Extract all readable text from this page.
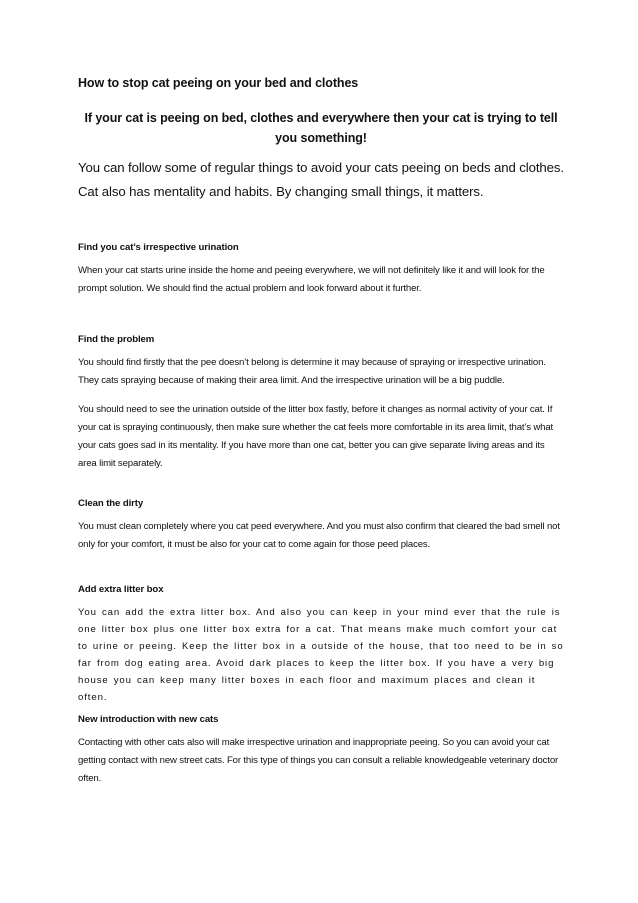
How to stop cat peeing on your bed and clothes
If your cat is peeing on bed, clothes and everywhere then your cat is trying to tell you something!
You can follow some of regular things to avoid your cats peeing on beds and clothes. Cat also has mentality and habits. By changing small things, it matters.

Find you cat’s irrespective urination

When your cat starts urine inside the home and peeing everywhere, we will not definitely like it and will look for the prompt solution. We should find the actual problem and look forward about it further.

Find the problem

You should find firstly that the pee doesn’t belong is determine it may because of spraying or irrespective urination. They cats spraying because of making their area limit. And the irrespective urination will be a big puddle.

You should need to see the urination outside of the litter box fastly, before it changes as normal activity of your cat. If your cat is spraying continuously, then make sure whether the cat feels more comfortable in its area limit, that’s what your cats goes sad in its mentality. If you have more than one cat, better you can give separate living areas and its area limit separately.

Clean the dirty

You must clean completely where you cat peed everywhere. And you must also confirm that cleared the bad smell not only for your comfort, it must be also for your cat to come again for those peed places.

Add extra litter box

You can add the extra litter box. And also you can keep in your mind ever that the rule is one litter box plus one litter box extra for a cat. That means make much comfort your cat to urine or peeing. Keep the litter box in a outside of the house, that too need to be in so far from dog eating area. Avoid dark places to keep the litter box. If you have a very big house you can keep many litter boxes in each floor and maximum places and clean it often.

New introduction with new cats

Contacting with other cats also will make irrespective urination and inappropriate peeing. So you can avoid your cat getting contact with new street cats. For this type of things you can consult a reliable knowledgeable veterinary doctor often.
